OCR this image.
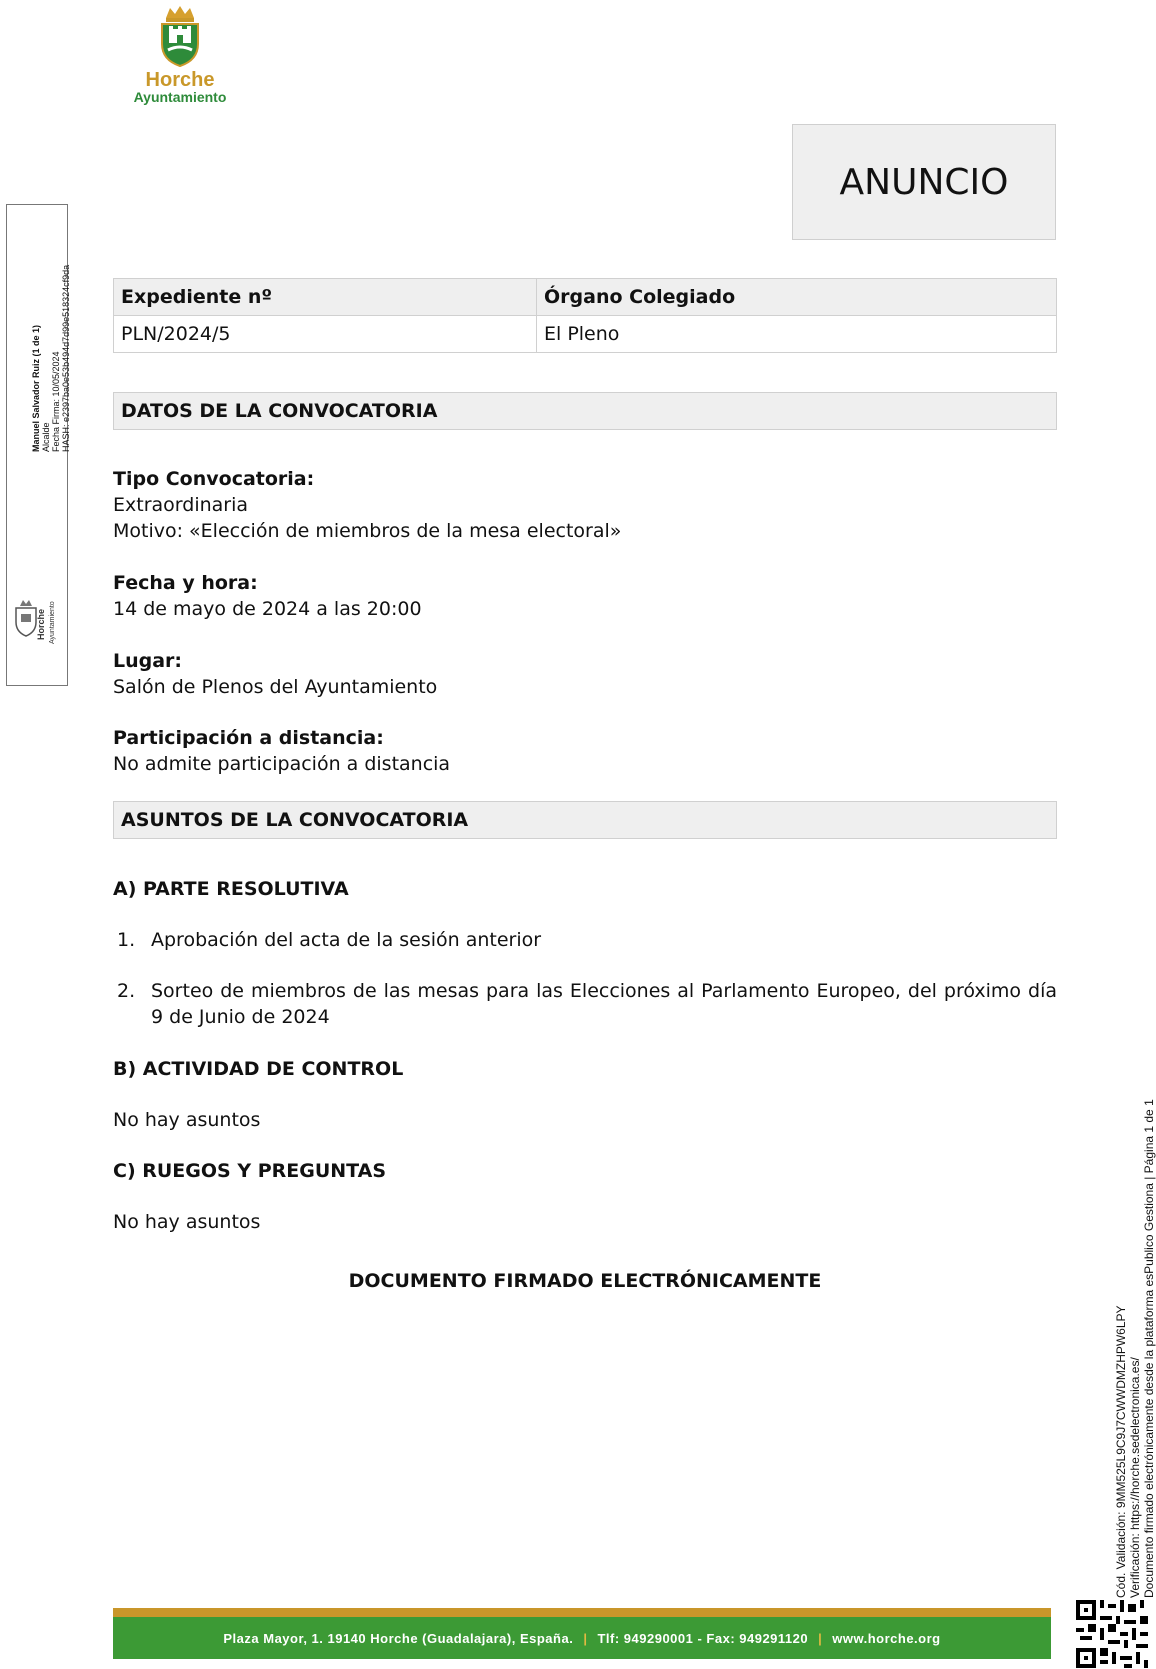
Horche
Ayuntamiento
ANUNCIO
Manuel Salvador Ruiz (1 de 1) Alcalde Fecha Firma: 10/05/2024 HASH: e2397ba0e53b494d7d99e518324cf9da
Horche Ayuntamiento
Expediente nº	Órgano Colegiado
PLN/2024/5	El Pleno
DATOS DE LA CONVOCATORIA
Tipo Convocatoria:
Extraordinaria
Motivo: «Elección de miembros de la mesa electoral»
Fecha y hora:
14 de mayo de 2024 a las 20:00
Lugar:
Salón de Plenos del Ayuntamiento
Participación a distancia:
No admite participación a distancia
ASUNTOS DE LA CONVOCATORIA
A) PARTE RESOLUTIVA
1. Aprobación del acta de la sesión anterior
2. Sorteo de miembros de las mesas para las Elecciones al Parlamento Europeo, del próximo día 9 de Junio de 2024
B) ACTIVIDAD DE CONTROL
No hay asuntos
C) RUEGOS Y PREGUNTAS
No hay asuntos
DOCUMENTO FIRMADO ELECTRÓNICAMENTE
Cód. Validación: 9MM525L9C9J7CWWDMZHPW6LPY Verificación: https://horche.sedelectronica.es/ Documento firmado electrónicamente desde la plataforma esPublico Gestiona | Página 1 de 1
Plaza Mayor, 1. 19140 Horche (Guadalajara), España. | Tlf: 949290001 - Fax: 949291120 | www.horche.org
